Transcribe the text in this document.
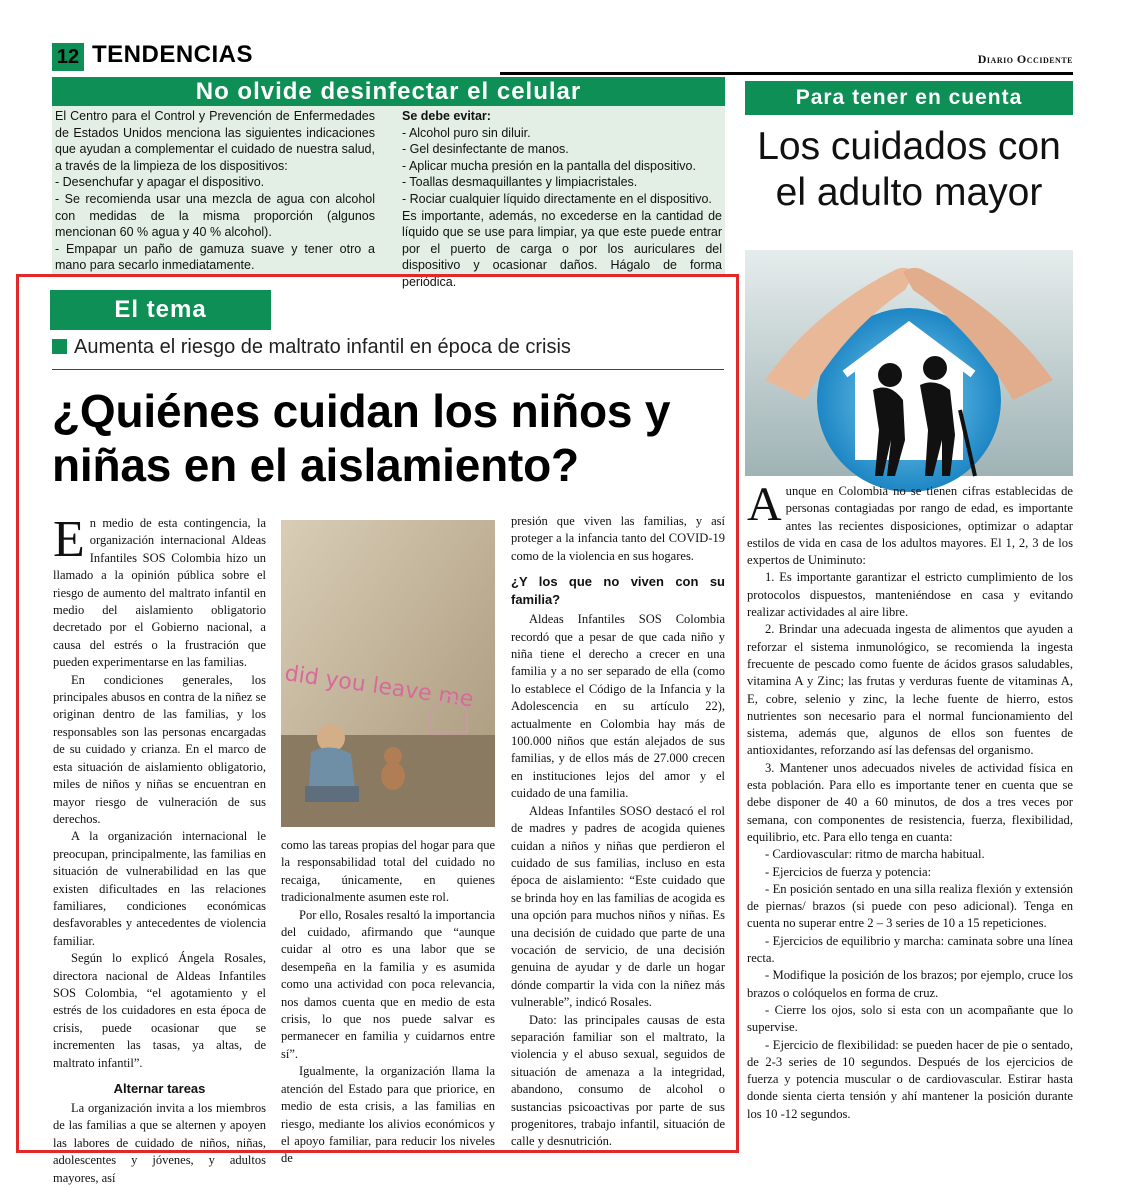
12 TENDENCIAS	Diario Occidente
No olvide desinfectar el celular

El Centro para el Control y Prevención de Enfermedades de Estados Unidos menciona las siguientes indicaciones que ayudan a complementar el cuidado de nuestra salud, a través de la limpieza de los dispositivos:

- Desenchufar y apagar el dispositivo.

- Se recomienda usar una mezcla de agua con alcohol con medidas de la misma proporción (algunos mencionan 60 % agua y 40 % alcohol).

- Empapar un paño de gamuza suave y tener otro a mano para secarlo inmediatamente.

Se debe evitar:

- Alcohol puro sin diluir.

- Gel desinfectante de manos.

- Aplicar mucha presión en la pantalla del dispositivo.

- Toallas desmaquillantes y limpiacristales.

- Rociar cualquier líquido directamente en el dispositivo.

Es importante, además, no excederse en la cantidad de líquido que se use para limpiar, ya que este puede entrar por el puerto de carga o por los auriculares del dispositivo y ocasionar daños. Hágalo de forma periódica.

Para tener en cuenta
Los cuidados con el adulto mayor

Aunque en Colombia no se tienen cifras establecidas de personas contagiadas por rango de edad, es importante antes las recientes disposiciones, optimizar o adaptar estilos de vida en casa de los adultos mayores. El 1, 2, 3 de los expertos de Uniminuto:

1. Es importante garantizar el estricto cumplimiento de los protocolos dispuestos, manteniéndose en casa y evitando realizar actividades al aire libre.

2. Brindar una adecuada ingesta de alimentos que ayuden a reforzar el sistema inmunológico, se recomienda la ingesta frecuente de pescado como fuente de ácidos grasos saludables, vitamina A y Zinc; las frutas y verduras fuente de vitaminas A, E, cobre, selenio y zinc, la leche fuente de hierro, estos nutrientes son necesario para el normal funcionamiento del sistema, además que, algunos de ellos son fuentes de antioxidantes, reforzando así las defensas del organismo.

3. Mantener unos adecuados niveles de actividad física en esta población. Para ello es importante tener en cuenta que se debe disponer de 40 a 60 minutos, de dos a tres veces por semana, con componentes de resistencia, fuerza, flexibilidad, equilibrio, etc. Para ello tenga en cuanta:

- Cardiovascular: ritmo de marcha habitual.

- Ejercicios de fuerza y potencia:

- En posición sentado en una silla realiza flexión y extensión de piernas/ brazos (si puede con peso adicional). Tenga en cuenta no superar entre 2 – 3 series de 10 a 15 repeticiones.

- Ejercicios de equilibrio y marcha: caminata sobre una línea recta.

- Modifique la posición de los brazos; por ejemplo, cruce los brazos o colóquelos en forma de cruz.

- Cierre los ojos, solo si esta con un acompañante que lo supervise.

- Ejercicio de flexibilidad: se pueden hacer de pie o sentado, de 2-3 series de 10 segundos. Después de los ejercicios de fuerza y potencia muscular o de cardiovascular. Estirar hasta donde sienta cierta tensión y ahí mantener la posición durante los 10 -12 segundos.

El tema
Aumenta el riesgo de maltrato infantil en época de crisis
¿Quiénes cuidan los niños y niñas en el aislamiento?

En medio de esta contingencia, la organización internacional Aldeas Infantiles SOS Colombia hizo un llamado a la opinión pública sobre el riesgo de aumento del maltrato infantil en medio del aislamiento obligatorio decretado por el Gobierno nacional, a causa del estrés o la frustración que pueden experimentarse en las familias.

En condiciones generales, los principales abusos en contra de la niñez se originan dentro de las familias, y los responsables son las personas encargadas de su cuidado y crianza. En el marco de esta situación de aislamiento obligatorio, miles de niños y niñas se encuentran en mayor riesgo de vulneración de sus derechos.

A la organización internacional le preocupan, principalmente, las familias en situación de vulnerabilidad en las que existen dificultades en las relaciones familiares, condiciones económicas desfavorables y antecedentes de violencia familiar.

Según lo explicó Ángela Rosales, directora nacional de Aldeas Infantiles SOS Colombia, “el agotamiento y el estrés de los cuidadores en esta época de crisis, puede ocasionar que se incrementen las tasas, ya altas, de maltrato infantil”.

Alternar tareas

La organización invita a los miembros de las familias a que se alternen y apoyen las labores de cuidado de niños, niñas, adolescentes y jóvenes, y adultos mayores, así

did you leave me

como las tareas propias del hogar para que la responsabilidad total del cuidado no recaiga, únicamente, en quienes tradicionalmente asumen este rol.

Por ello, Rosales resaltó la importancia del cuidado, afirmando que “aunque cuidar al otro es una labor que se desempeña en la familia y es asumida como una actividad con poca relevancia, nos damos cuenta que en medio de esta crisis, lo que nos puede salvar es permanecer en familia y cuidarnos entre sí”.

Igualmente, la organización llama la atención del Estado para que priorice, en medio de esta crisis, a las familias en riesgo, mediante los alivios económicos y el apoyo familiar, para reducir los niveles de

presión que viven las familias, y así proteger a la infancia tanto del COVID-19 como de la violencia en sus hogares.

¿Y los que no viven con su familia?

Aldeas Infantiles SOS Colombia recordó que a pesar de que cada niño y niña tiene el derecho a crecer en una familia y a no ser separado de ella (como lo establece el Código de la Infancia y la Adolescencia en su artículo 22), actualmente en Colombia hay más de 100.000 niños que están alejados de sus familias, y de ellos más de 27.000 crecen en instituciones lejos del amor y el cuidado de una familia.

Aldeas Infantiles SOSO destacó el rol de madres y padres de acogida quienes cuidan a niños y niñas que perdieron el cuidado de sus familias, incluso en esta época de aislamiento: “Este cuidado que se brinda hoy en las familias de acogida es una opción para muchos niños y niñas. Es una decisión de cuidado que parte de una vocación de servicio, de una decisión genuina de ayudar y de darle un hogar dónde compartir la vida con la niñez más vulnerable”, indicó Rosales.

Dato: las principales causas de esta separación familiar son el maltrato, la violencia y el abuso sexual, seguidos de situación de amenaza a la integridad, abandono, consumo de alcohol o sustancias psicoactivas por parte de sus progenitores, trabajo infantil, situación de calle y desnutrición.
